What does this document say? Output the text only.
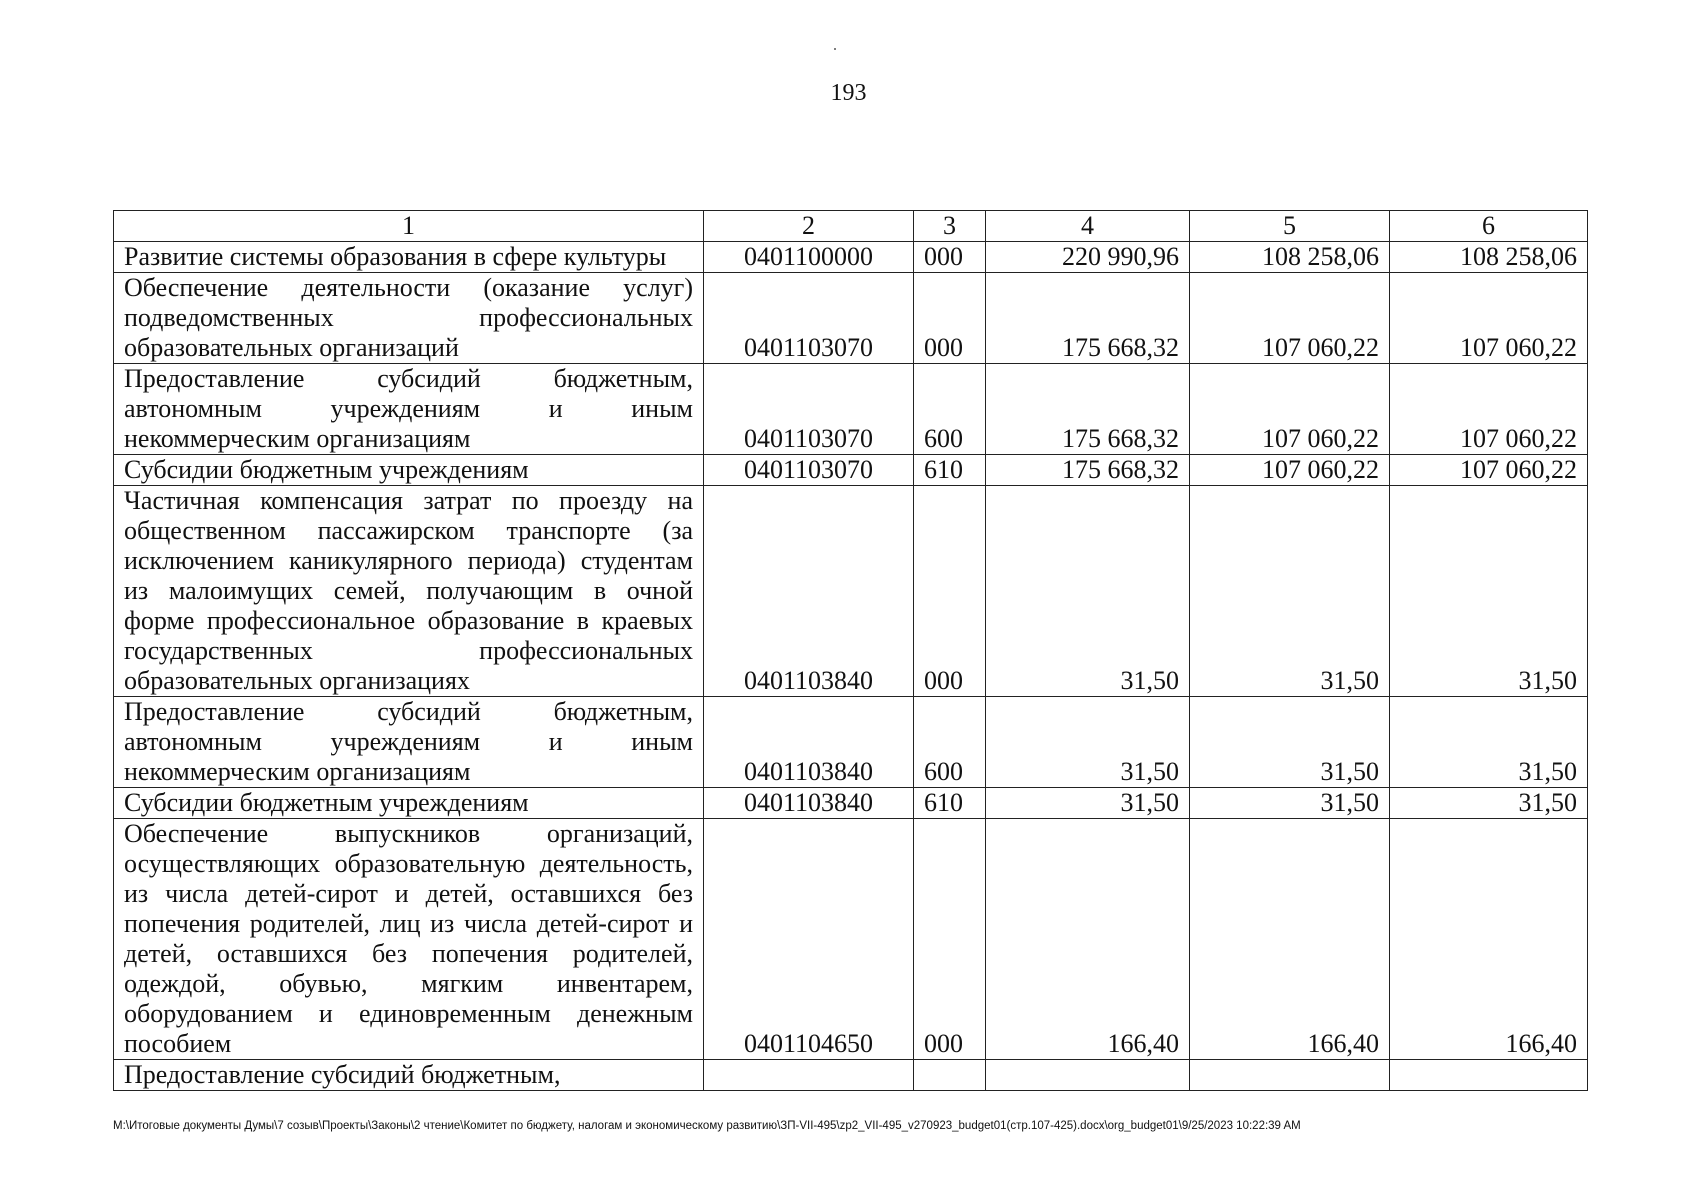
193
1	2	3	4	5	6
Развитие системы образования в сфере культуры	0401100000	000	220 990,96	108 258,06	108 258,06
Обеспечение деятельности (оказание услуг) подведомственных профессиональных образовательных организаций	0401103070	000	175 668,32	107 060,22	107 060,22
Предоставление субсидий бюджетным, автономным учреждениям и иным некоммерческим организациям	0401103070	600	175 668,32	107 060,22	107 060,22
Субсидии бюджетным учреждениям	0401103070	610	175 668,32	107 060,22	107 060,22
Частичная компенсация затрат по проезду на общественном пассажирском транспорте (за исключением каникулярного периода) студентам из малоимущих семей, получающим в очной форме профессиональное образование в краевых государственных профессиональных образовательных организациях	0401103840	000	31,50	31,50	31,50
Предоставление субсидий бюджетным, автономным учреждениям и иным некоммерческим организациям	0401103840	600	31,50	31,50	31,50
Субсидии бюджетным учреждениям	0401103840	610	31,50	31,50	31,50
Обеспечение выпускников организаций, осуществляющих образовательную деятельность, из числа детей-сирот и детей, оставшихся без попечения родителей, лиц из числа детей-сирот и детей, оставшихся без попечения родителей, одеждой, обувью, мягким инвентарем, оборудованием и единовременным денежным пособием	0401104650	000	166,40	166,40	166,40
Предоставление субсидий бюджетным,					
M:\Итоговые документы Думы\7 созыв\Проекты\Законы\2 чтение\Комитет по бюджету, налогам и экономическому развитию\ЗП-VII-495\zp2_VII-495_v270923_budget01(стр.107-425).docx\org_budget01\9/25/2023 10:22:39 AM
